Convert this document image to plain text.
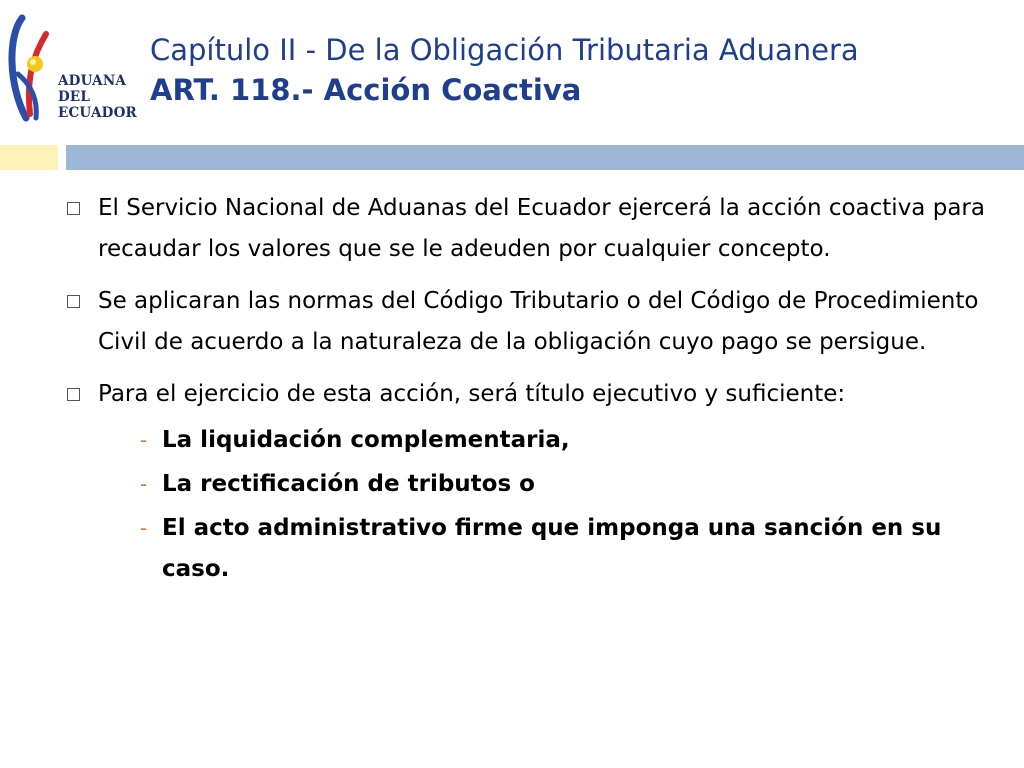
ADUANA
DEL
ECUADOR
Capítulo II - De la Obligación Tributaria Aduanera
ART. 118.- Acción Coactiva
El Servicio Nacional de Aduanas del Ecuador ejercerá la acción coactiva para recaudar los valores que se le adeuden por cualquier concepto.
Se aplicaran las normas del Código Tributario o del Código de Procedimiento Civil de acuerdo a la naturaleza de la obligación cuyo pago se persigue.
Para el ejercicio de esta acción, será título ejecutivo y suficiente:
- La liquidación complementaria,
- La rectificación de tributos o
- El acto administrativo firme que imponga una sanción en su caso.
